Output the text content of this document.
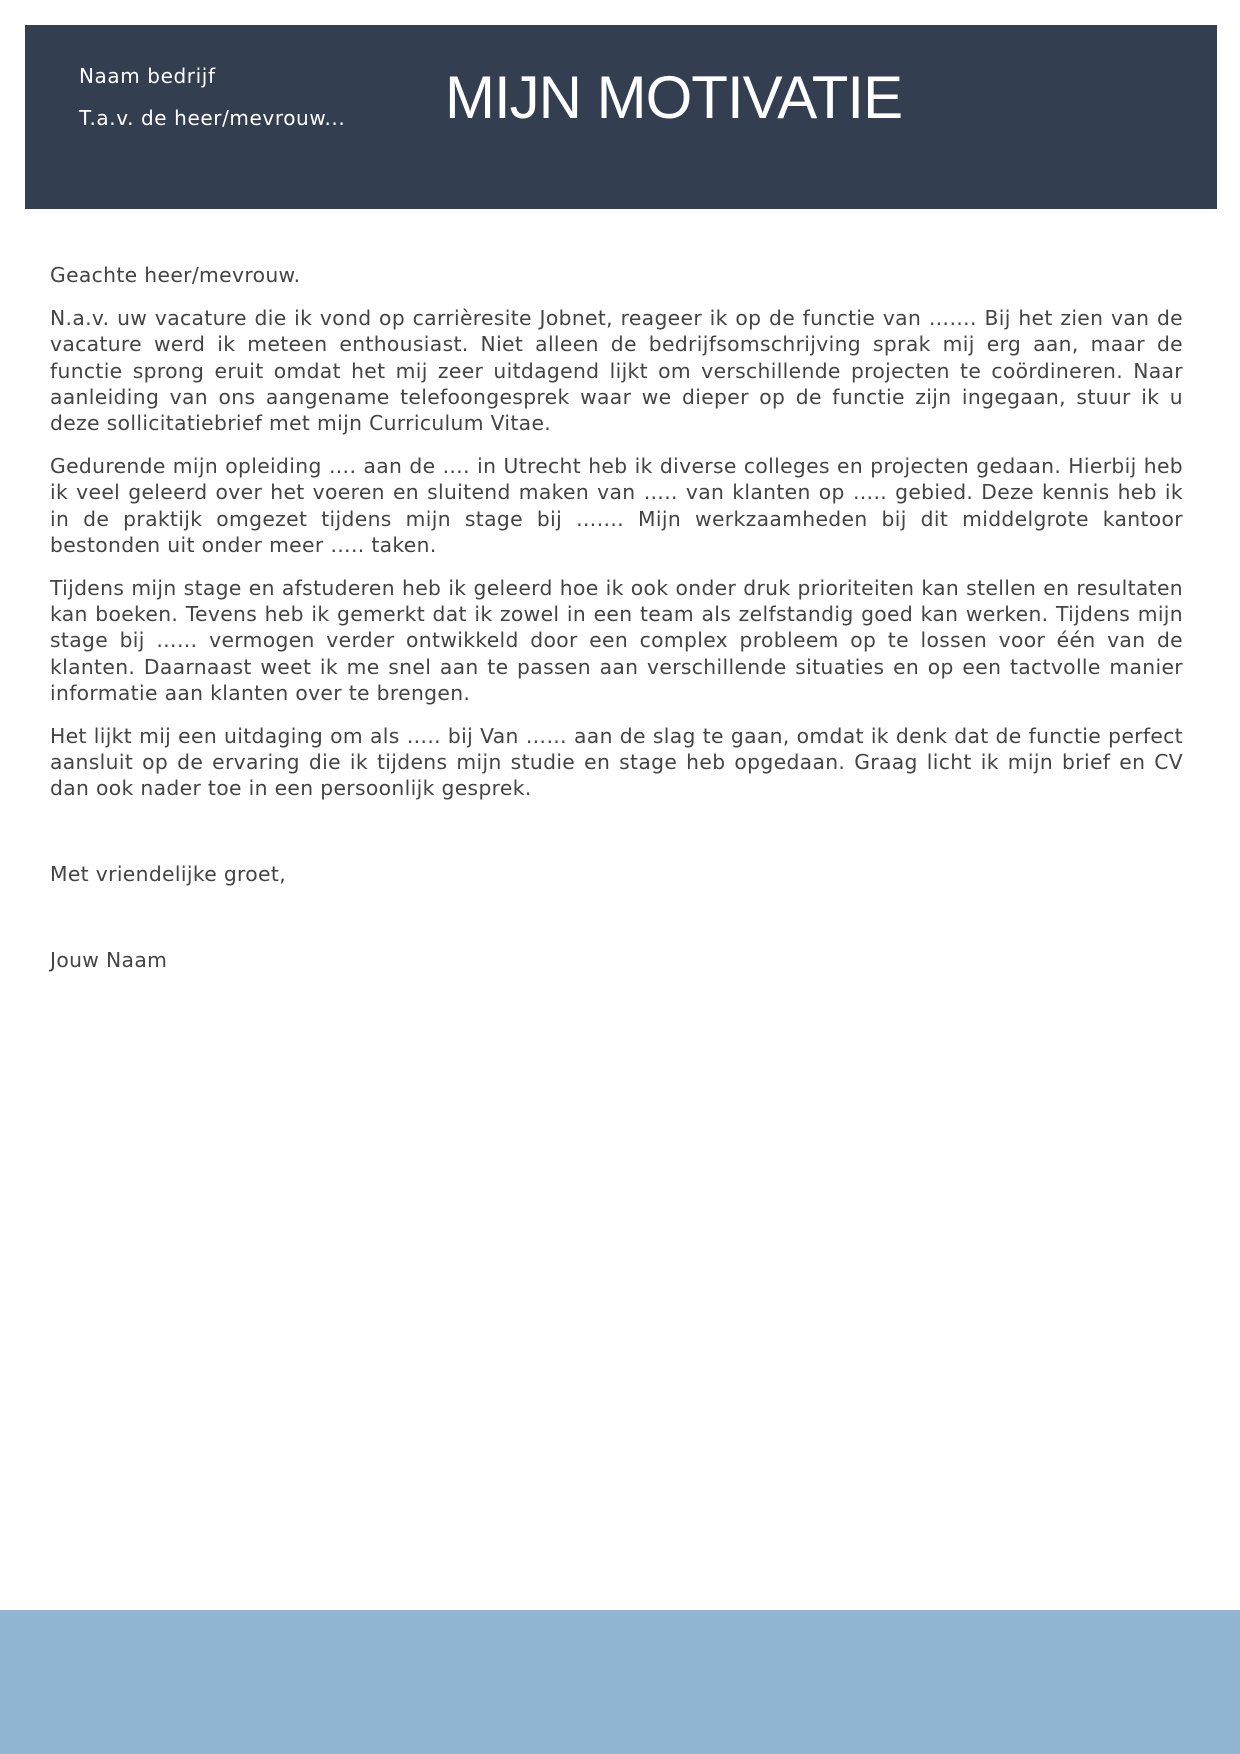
Naam bedrijf
T.a.v. de heer/mevrouw... MIJN MOTIVATIE

Geachte heer/mevrouw.

N.a.v. uw vacature die ik vond op carrièresite Jobnet, reageer ik op de functie van ……. Bij het zien van de vacature werd ik meteen enthousiast. Niet alleen de bedrijfsomschrijving sprak mij erg aan, maar de functie sprong eruit omdat het mij zeer uitdagend lijkt om verschillende projecten te coördineren. Naar aanleiding van ons aangename telefoongesprek waar we dieper op de functie zijn ingegaan, stuur ik u deze sollicitatiebrief met mijn Curriculum Vitae.

Gedurende mijn opleiding …. aan de …. in Utrecht heb ik diverse colleges en projecten gedaan. Hierbij heb ik veel geleerd over het voeren en sluitend maken van ….. van klanten op ….. gebied. Deze kennis heb ik in de praktijk omgezet tijdens mijn stage bij ……. Mijn werkzaamheden bij dit middelgrote kantoor bestonden uit onder meer ….. taken.

Tijdens mijn stage en afstuderen heb ik geleerd hoe ik ook onder druk prioriteiten kan stellen en resultaten kan boeken. Tevens heb ik gemerkt dat ik zowel in een team als zelfstandig goed kan werken. Tijdens mijn stage bij …… vermogen verder ontwikkeld door een complex probleem op te lossen voor één van de klanten. Daarnaast weet ik me snel aan te passen aan verschillende situaties en op een tactvolle manier informatie aan klanten over te brengen.

Het lijkt mij een uitdaging om als ….. bij Van …… aan de slag te gaan, omdat ik denk dat de functie perfect aansluit op de ervaring die ik tijdens mijn studie en stage heb opgedaan. Graag licht ik mijn brief en CV dan ook nader toe in een persoonlijk gesprek.

Met vriendelijke groet,
Jouw Naam
